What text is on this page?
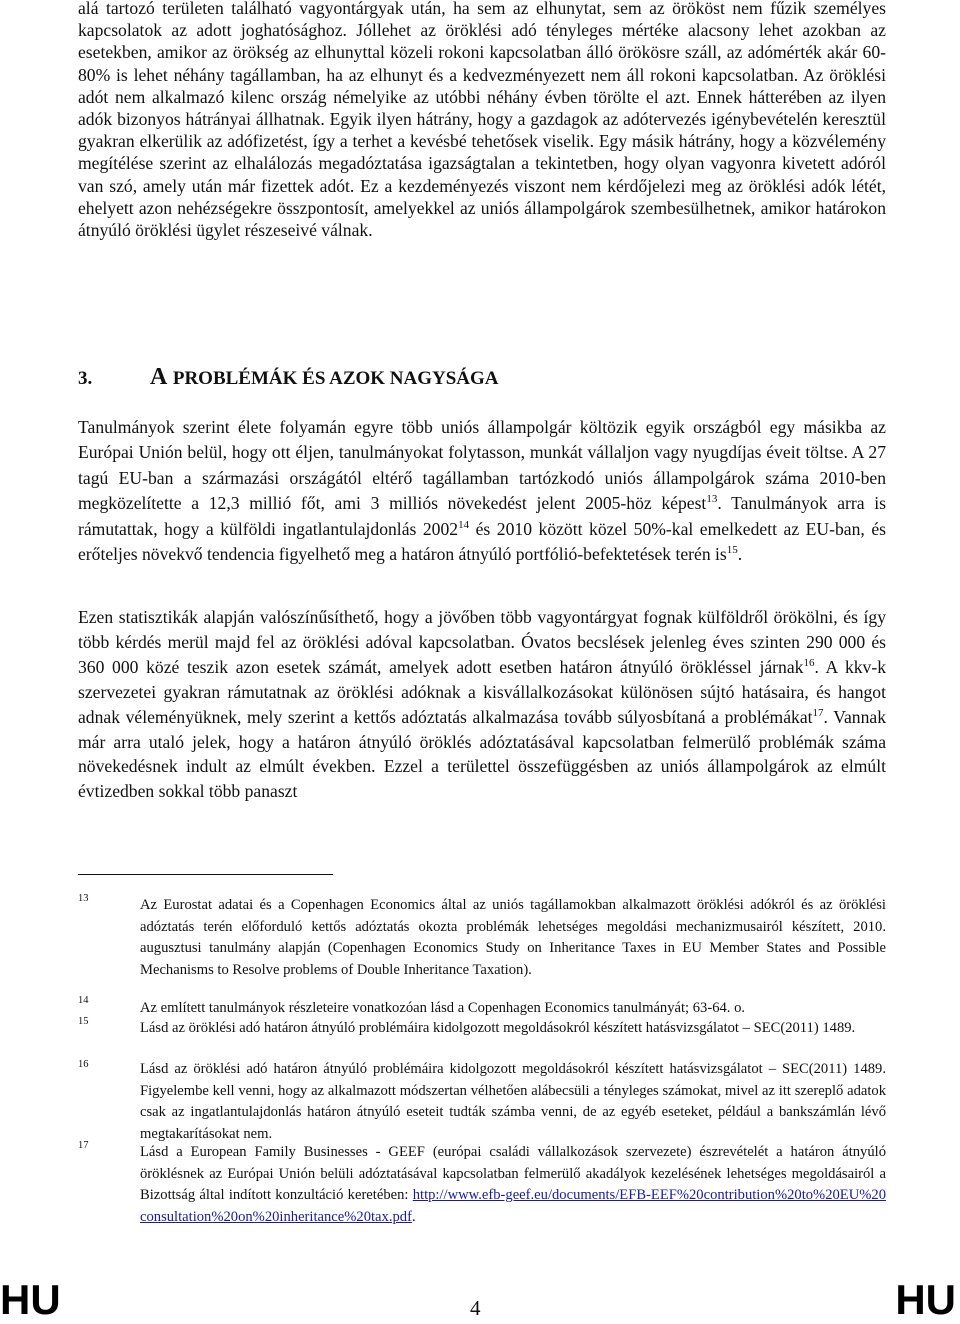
alá tartozó területen található vagyontárgyak után, ha sem az elhunytat, sem az örököst nem fűzik személyes kapcsolatok az adott joghatósághoz. Jóllehet az öröklési adó tényleges mértéke alacsony lehet azokban az esetekben, amikor az örökség az elhunyttal közeli rokoni kapcsolatban álló örökösre száll, az adómérték akár 60-80% is lehet néhány tagállamban, ha az elhunyt és a kedvezményezett nem áll rokoni kapcsolatban. Az öröklési adót nem alkalmazó kilenc ország némelyike az utóbbi néhány évben törölte el azt. Ennek hátterében az ilyen adók bizonyos hátrányai állhatnak. Egyik ilyen hátrány, hogy a gazdagok az adótervezés igénybevételén keresztül gyakran elkerülik az adófizetést, így a terhet a kevésbé tehetősek viselik. Egy másik hátrány, hogy a közvélemény megítélése szerint az elhalálozás megadóztatása igazságtalan a tekintetben, hogy olyan vagyonra kivetett adóról van szó, amely után már fizettek adót. Ez a kezdeményezés viszont nem kérdőjelezi meg az öröklési adók létét, ehelyett azon nehézségekre összpontosít, amelyekkel az uniós állampolgárok szembesülhetnek, amikor határokon átnyúló öröklési ügylet részeseivé válnak.

3. A PROBLÉMÁK ÉS AZOK NAGYSÁGA

Tanulmányok szerint élete folyamán egyre több uniós állampolgár költözik egyik országból egy másikba az Európai Unión belül, hogy ott éljen, tanulmányokat folytasson, munkát vállaljon vagy nyugdíjas éveit töltse. A 27 tagú EU-ban a származási országától eltérő tagállamban tartózkodó uniós állampolgárok száma 2010-ben megközelítette a 12,3 millió főt, ami 3 milliós növekedést jelent 2005-höz képest$^{13}$. Tanulmányok arra is rámutattak, hogy a külföldi ingatlantulajdonlás 2002$^{14}$ és 2010 között közel 50%-kal emelkedett az EU-ban, és erőteljes növekvő tendencia figyelhető meg a határon átnyúló portfólió-befektetések terén $is^{15}$.

Ezen statisztikák alapján valószínűsíthető, hogy a jövőben több vagyontárgyat fognak külföldről örökölni, és így több kérdés merül majd fel az öröklési adóval kapcsolatban. Óvatos becslések jelenleg éves szinten 290 000 és 360 000 közé teszik azon esetek számát, amelyek adott esetben határon átnyúló örökléssel járnak$^{16}$. A kkv-k szervezetei gyakran rámutatnak az öröklési adóknak a kisvállalkozásokat különösen sújtó hatásaira, és hangot adnak véleményüknek, mely szerint a kettős adóztatás alkalmazása tovább súlyosbítaná a problémákat$^{17}$. Vannak már arra utaló jelek, hogy a határon átnyúló öröklés adóztatásával kapcsolatban felmerülő problémák száma növekedésnek indult az elmúlt években. Ezzel a területtel összefüggésben az uniós állampolgárok az elmúlt évtizedben sokkal több panaszt

13	Az Eurostat adatai és a Copenhagen Economics által az uniós tagállamokban alkalmazott öröklési adókról és az öröklési adóztatás terén előforduló kettős adóztatás okozta problémák lehetséges megoldási mechanizmusairól készített, 2010. augusztusi tanulmány alapján (Copenhagen Economics Study on Inheritance Taxes in EU Member States and Possible Mechanisms to Resolve problems of Double Inheritance Taxation).

14	Az említett tanulmányok részleteire vonatkozóan lásd a Copenhagen Economics tanulmányát; 63-64. o.

15	Lásd az öröklési adó határon átnyúló problémáira kidolgozott megoldásokról készített hatásvizsgálatot – SEC(2011) 1489.

16	Lásd az öröklési adó határon átnyúló problémáira kidolgozott megoldásokról készített hatásvizsgálatot – SEC(2011) 1489. Figyelembe kell venni, hogy az alkalmazott módszertan vélhetően alábecsüli a tényleges számokat, mivel az itt szereplő adatok csak az ingatlantulajdonlás határon átnyúló eseteit tudták számba venni, de az egyéb eseteket, például a bankszámlán lévő megtakarításokat nem.

17	Lásd a European Family Businesses - GEEF (európai családi vállalkozások szervezete) észrevételét a határon átnyúló öröklésnek az Európai Unión belüli adóztatásával kapcsolatban felmerülő akadályok kezelésének lehetséges megoldásairól a Bizottság által indított konzultáció keretében: http://www.efb-geef.eu/documents/EFB-EEF%20contribution%20to%20EU%20consultation%20on%20inheritance%20tax.pdf.

HU	4	HU
